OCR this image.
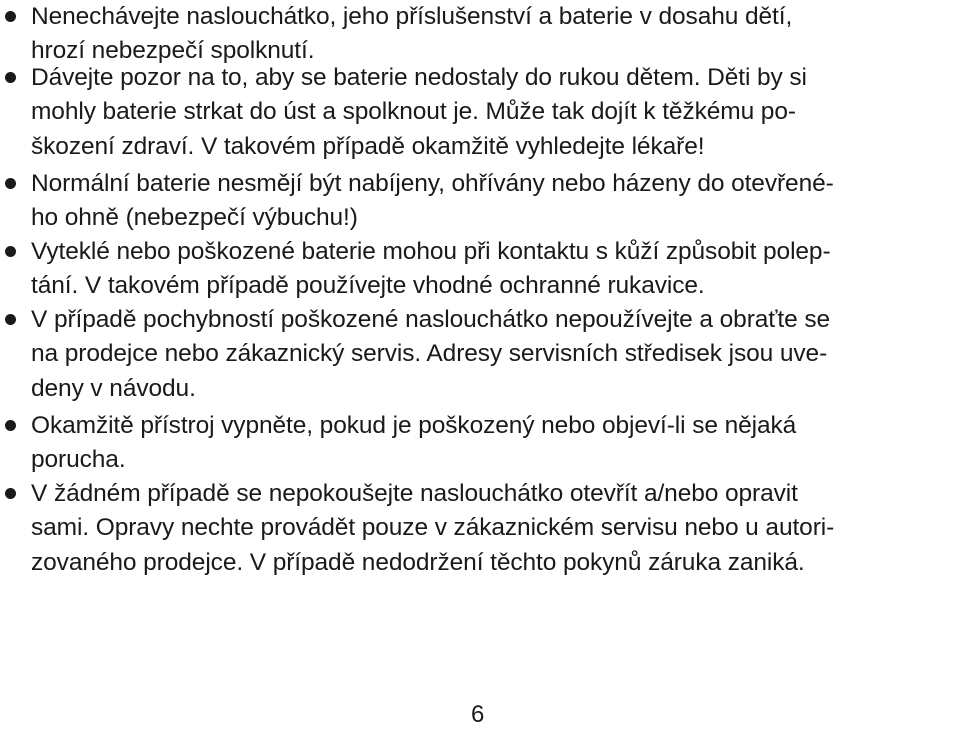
Nenechávejte naslouchátko, jeho příslušenství a baterie v dosahu dětí,
hrozí nebezpečí spolknutí.
Dávejte pozor na to, aby se baterie nedostaly do rukou dětem. Děti by si
mohly baterie strkat do úst a spolknout je. Může tak dojít k těžkému po-
škození zdraví. V takovém případě okamžitě vyhledejte lékaře!
Normální baterie nesmějí být nabíjeny, ohřívány nebo házeny do otevřené-
ho ohně (nebezpečí výbuchu!)
Vyteklé nebo poškozené baterie mohou při kontaktu s kůží způsobit polep-
tání. V takovém případě používejte vhodné ochranné rukavice.
V případě pochybností poškozené naslouchátko nepoužívejte a obraťte se
na prodejce nebo zákaznický servis. Adresy servisních středisek jsou uve-
deny v návodu.
Okamžitě přístroj vypněte, pokud je poškozený nebo objeví-li se nějaká
porucha.
V žádném případě se nepokoušejte naslouchátko otevřít a/nebo opravit
sami. Opravy nechte provádět pouze v zákaznickém servisu nebo u autori-
zovaného prodejce. V případě nedodržení těchto pokynů záruka zaniká.
6
